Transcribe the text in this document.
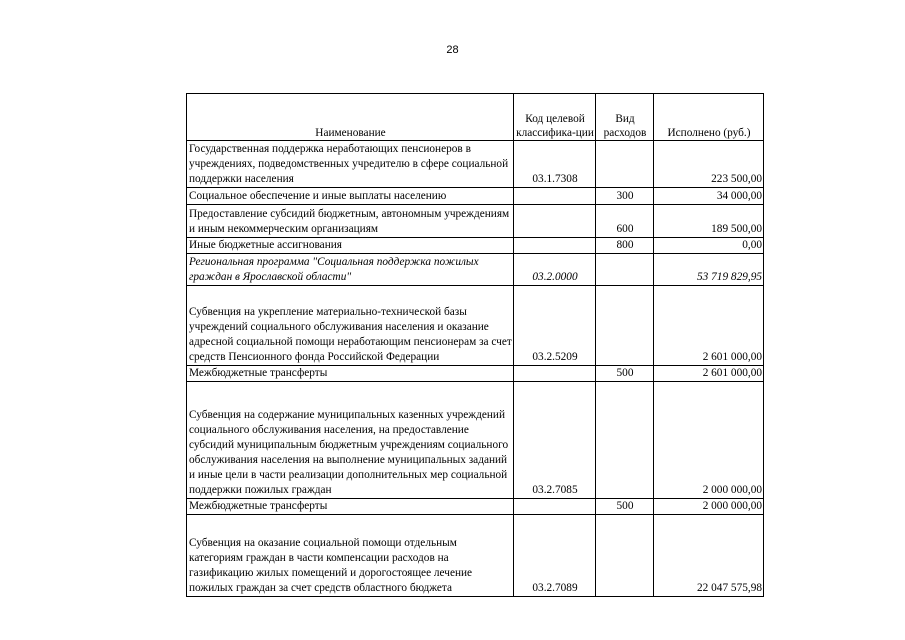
28
Наименование	Код целевой классифика-ции	Вид расходов	Исполнено (руб.)
Государственная поддержка неработающих пенсионеров в учреждениях, подведомственных учредителю в сфере социальной поддержки населения	03.1.7308		223 500,00
Социальное обеспечение и иные выплаты населению		300	34 000,00
Предоставление субсидий бюджетным, автономным учреждениям и иным некоммерческим организациям		600	189 500,00
Иные бюджетные ассигнования		800	0,00
Региональная программа "Социальная поддержка пожилых граждан в Ярославской области"	03.2.0000		53 719 829,95
Субвенция на укрепление материально-технической базы учреждений социального обслуживания населения и оказание адресной социальной помощи неработающим пенсионерам за счет средств Пенсионного фонда Российской Федерации	03.2.5209		2 601 000,00
Межбюджетные трансферты		500	2 601 000,00
Субвенция на содержание муниципальных казенных учреждений социального обслуживания населения, на предоставление субсидий муниципальным бюджетным учреждениям социального обслуживания населения на выполнение муниципальных заданий и иные цели в части реализации дополнительных мер социальной поддержки пожилых граждан	03.2.7085		2 000 000,00
Межбюджетные трансферты		500	2 000 000,00
Субвенция на оказание социальной помощи отдельным категориям граждан в части компенсации расходов на газификацию жилых помещений и дорогостоящее лечение пожилых граждан за счет средств областного бюджета	03.2.7089		22 047 575,98
